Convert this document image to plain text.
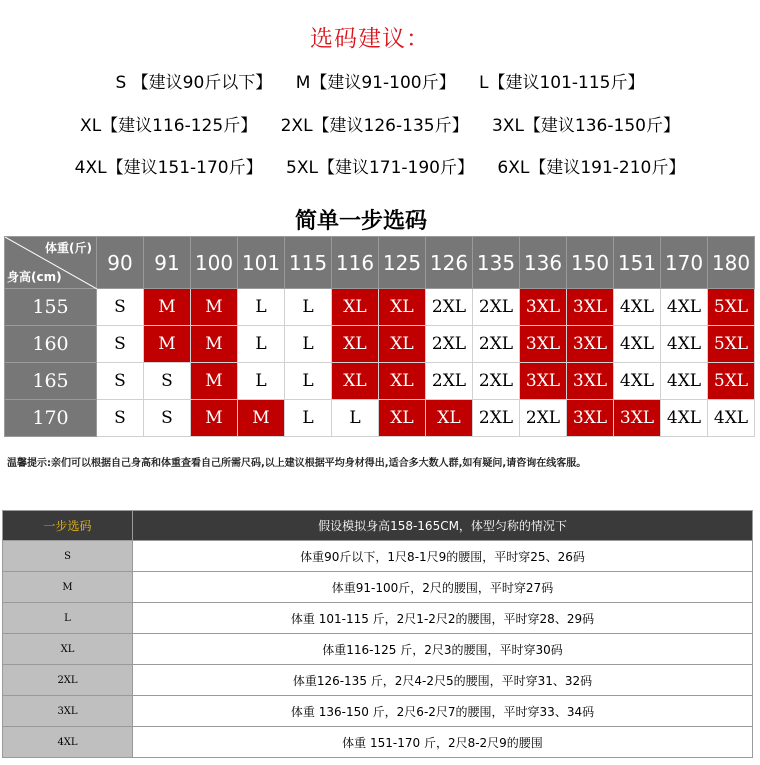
选码建议：
S 【建议90斤以下】 M【建议91-100斤】 L【建议101-115斤】
XL【建议116-125斤】 2XL【建议126-135斤】 3XL【建议136-150斤】
4XL【建议151-170斤】 5XL【建议171-190斤】 6XL【建议191-210斤】
简单一步选码
体重(斤)
身高(cm)	90	91	100	101	115	116	125	126	135	136	150	151	170	180
155	S	M	M	L	L	XL	XL	2XL	2XL	3XL	3XL	4XL	4XL	5XL
160	S	M	M	L	L	XL	XL	2XL	2XL	3XL	3XL	4XL	4XL	5XL
165	S	S	M	L	L	XL	XL	2XL	2XL	3XL	3XL	4XL	4XL	5XL
170	S	S	M	M	L	L	XL	XL	2XL	2XL	3XL	3XL	4XL	4XL
温馨提示:亲们可以根据自己身高和体重查看自己所需尺码,以上建议根据平均身材得出,适合多大数人群,如有疑问,请咨询在线客服。
一步选码	假设模拟身高158-165CM，体型匀称的情况下
S	体重90斤以下，1尺8-1尺9的腰围，平时穿25、26码
M	体重91-100斤，2尺的腰围，平时穿27码
L	体重 101-115 斤，2尺1-2尺2的腰围，平时穿28、29码
XL	体重116-125 斤，2尺3的腰围，平时穿30码
2XL	体重126-135 斤，2尺4-2尺5的腰围，平时穿31、32码
3XL	体重 136-150 斤，2尺6-2尺7的腰围，平时穿33、34码
4XL	体重 151-170 斤，2尺8-2尺9的腰围
